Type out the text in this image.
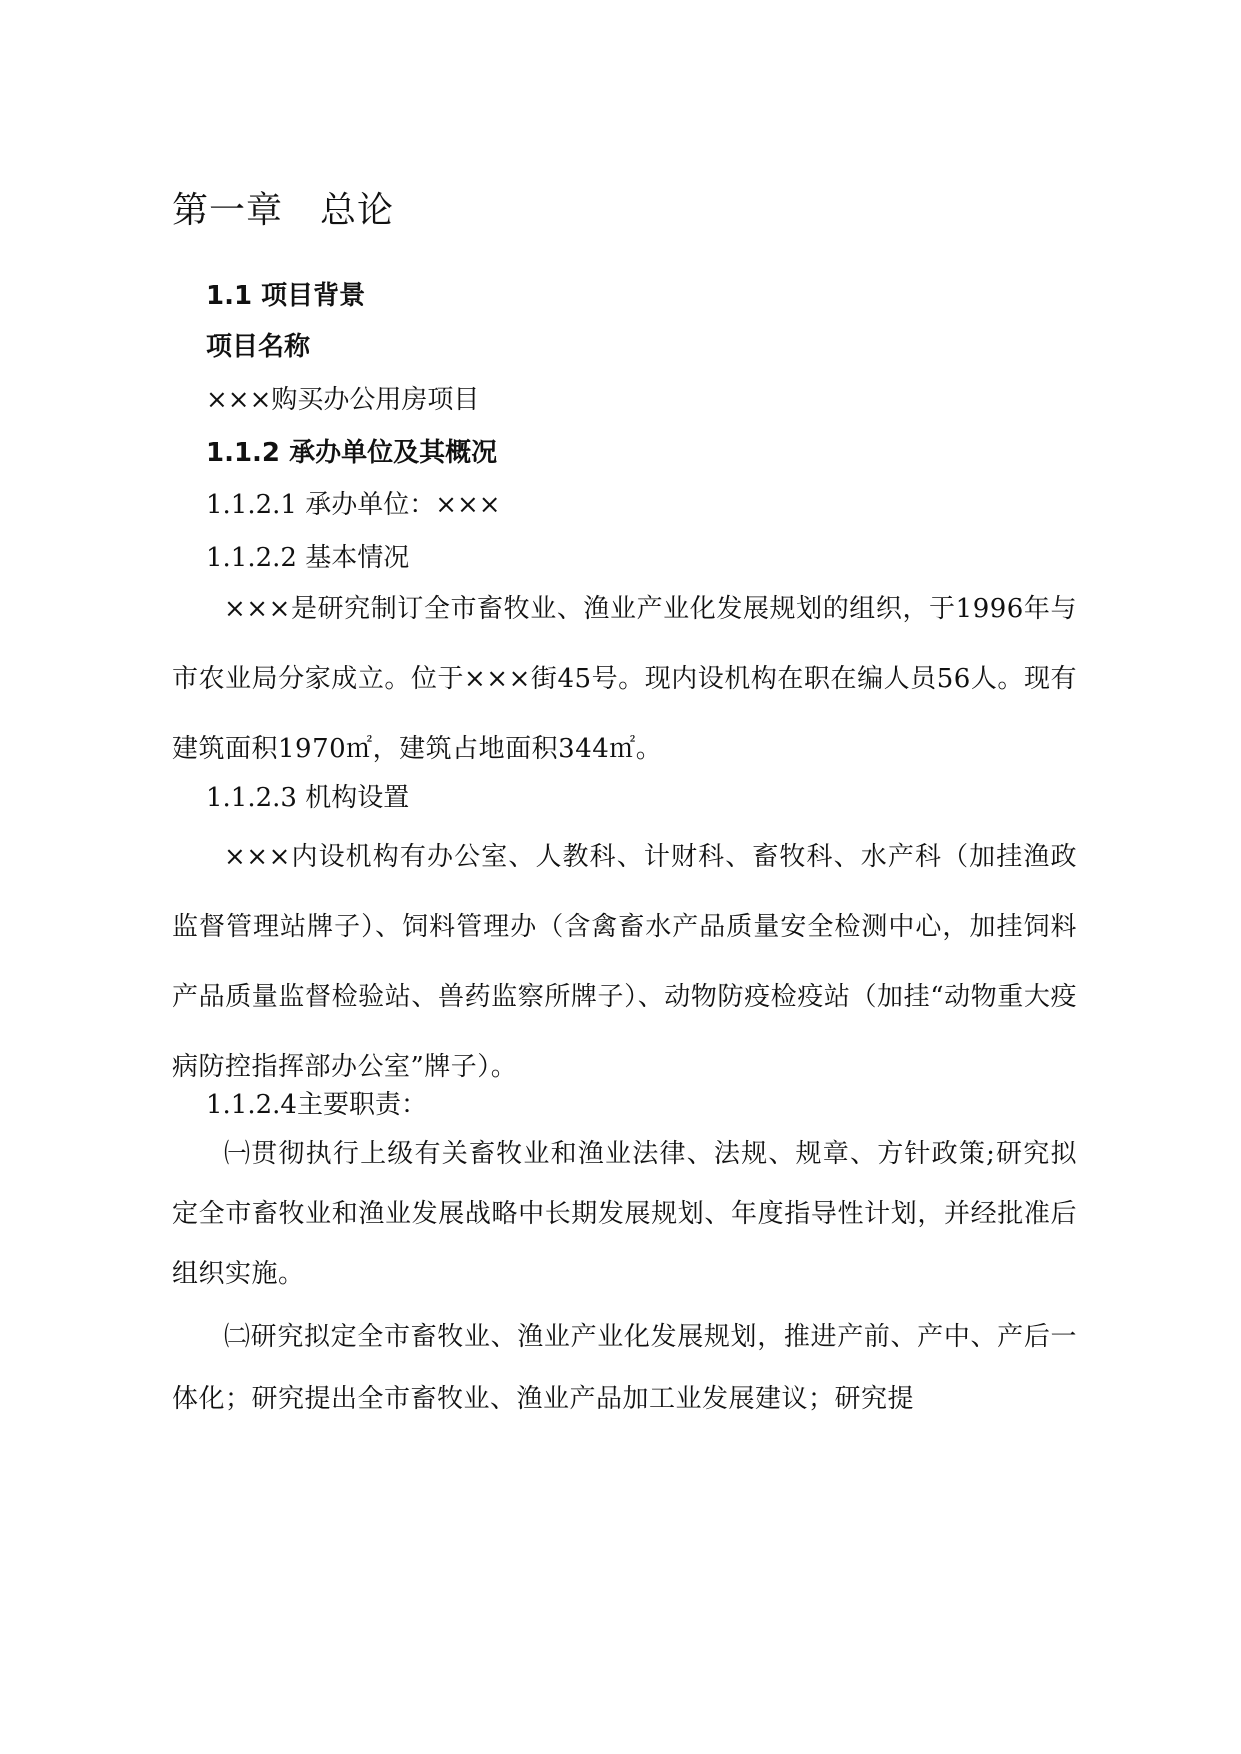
第一章　总论
1.1 项目背景
项目名称
×××购买办公用房项目
1.1.2 承办单位及其概况
1.1.2.1 承办单位：×××
1.1.2.2 基本情况

×××是研究制订全市畜牧业、渔业产业化发展规划的组织，于1996年与市农业局分家成立。位于×××街45号。现内设机构在职在编人员56人。现有建筑面积1970㎡，建筑占地面积344㎡。

1.1.2.3 机构设置

×××内设机构有办公室、人教科、计财科、畜牧科、水产科（加挂渔政监督管理站牌子）、饲料管理办（含禽畜水产品质量安全检测中心，加挂饲料产品质量监督检验站、兽药监察所牌子）、动物防疫检疫站（加挂“动物重大疫病防控指挥部办公室”牌子）。

1.1.2.4主要职责：

㈠贯彻执行上级有关畜牧业和渔业法律、法规、规章、方针政策;研究拟定全市畜牧业和渔业发展战略中长期发展规划、年度指导性计划，并经批准后组织实施。

㈡研究拟定全市畜牧业、渔业产业化发展规划，推进产前、产中、产后一体化；研究提出全市畜牧业、渔业产品加工业发展建议；研究提
